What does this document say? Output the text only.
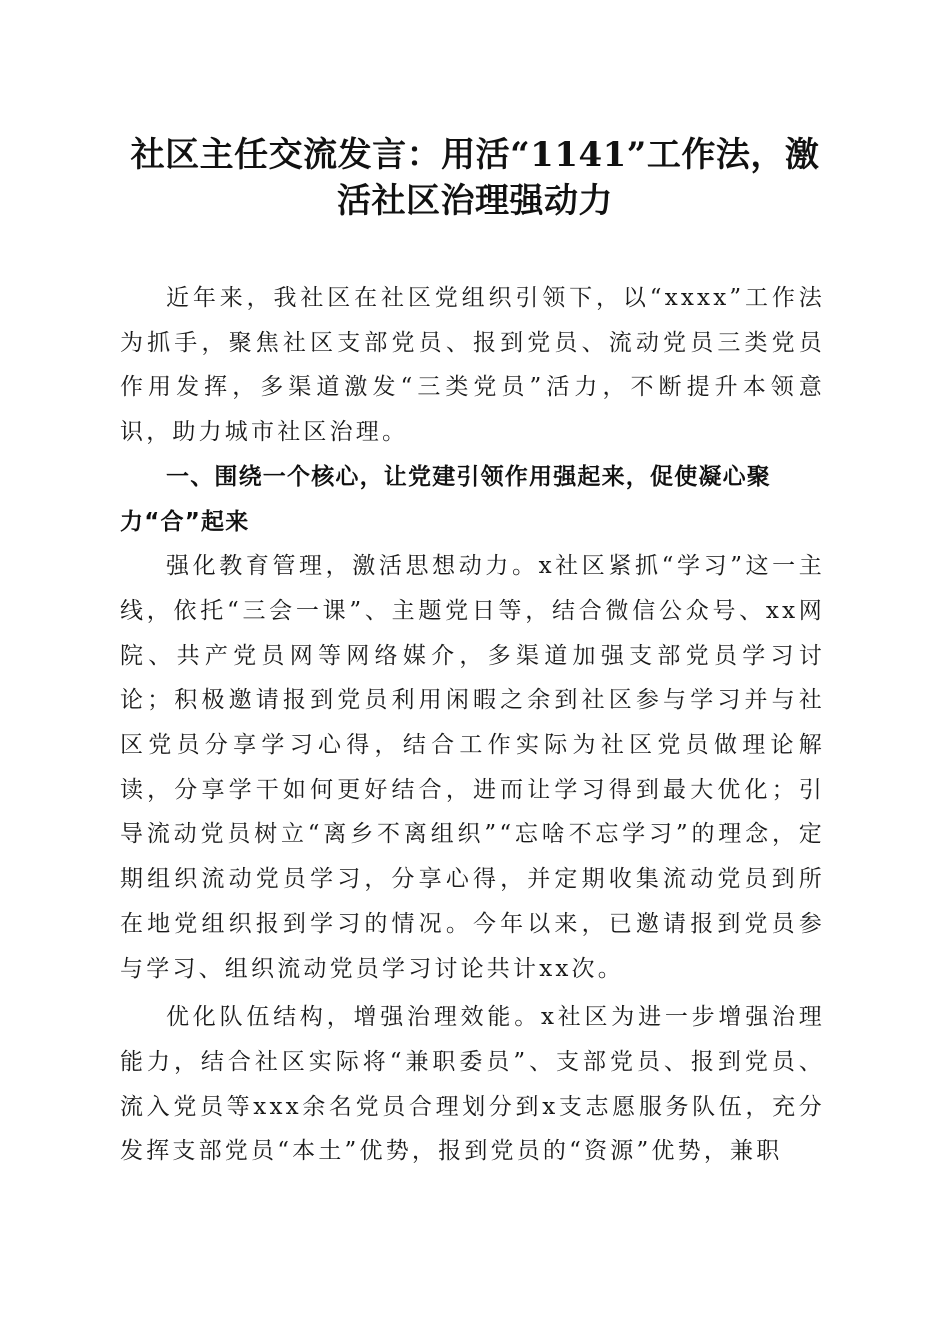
社区主任交流发言：用活“1141”工作法，激
活社区治理强动力

近年来，我社区在社区党组织引领下，以“xxxx”工作法为抓手，聚焦社区支部党员、报到党员、流动党员三类党员作用发挥，多渠道激发“三类党员”活力，不断提升本领意识，助力城市社区治理。

一、围绕一个核心，让党建引领作用强起来，促使凝心聚力“合”起来

强化教育管理，激活思想动力。x社区紧抓“学习”这一主线，依托“三会一课”、主题党日等，结合微信公众号、xx网院、共产党员网等网络媒介，多渠道加强支部党员学习讨论；积极邀请报到党员利用闲暇之余到社区参与学习并与社区党员分享学习心得，结合工作实际为社区党员做理论解读，分享学干如何更好结合，进而让学习得到最大优化；引导流动党员树立“离乡不离组织”“忘啥不忘学习”的理念，定期组织流动党员学习，分享心得，并定期收集流动党员到所在地党组织报到学习的情况。今年以来，已邀请报到党员参与学习、组织流动党员学习讨论共计xx次。

优化队伍结构，增强治理效能。x社区为进一步增强治理能力，结合社区实际将“兼职委员”、支部党员、报到党员、流入党员等xxx余名党员合理划分到x支志愿服务队伍，充分发挥支部党员“本土”优势，报到党员的“资源”优势，兼职
